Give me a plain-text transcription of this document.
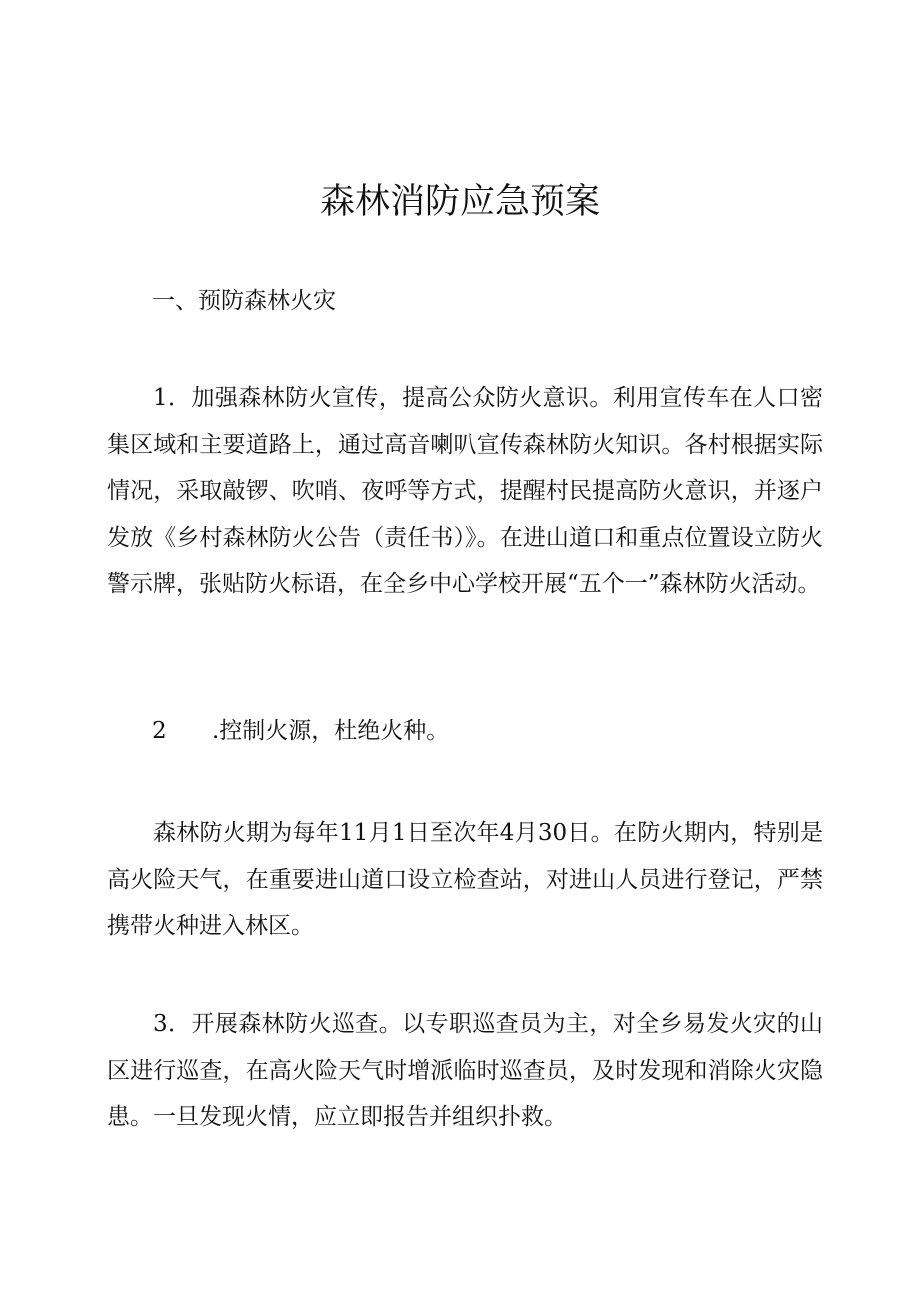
森林消防应急预案

一、预防森林火灾

1．加强森林防火宣传，提高公众防火意识。利用宣传车在人口密集区域和主要道路上，通过高音喇叭宣传森林防火知识。各村根据实际情况，采取敲锣、吹哨、夜呼等方式，提醒村民提高防火意识，并逐户发放《乡村森林防火公告（责任书）》。在进山道口和重点位置设立防火警示牌，张贴防火标语，在全乡中心学校开展“五个一”森林防火活动。

2 .控制火源，杜绝火种。

森林防火期为每年11月1日至次年4月30日。在防火期内，特别是高火险天气，在重要进山道口设立检查站，对进山人员进行登记，严禁携带火种进入林区。

3．开展森林防火巡查。以专职巡查员为主，对全乡易发火灾的山区进行巡查，在高火险天气时增派临时巡查员，及时发现和消除火灾隐患。一旦发现火情，应立即报告并组织扑救。
